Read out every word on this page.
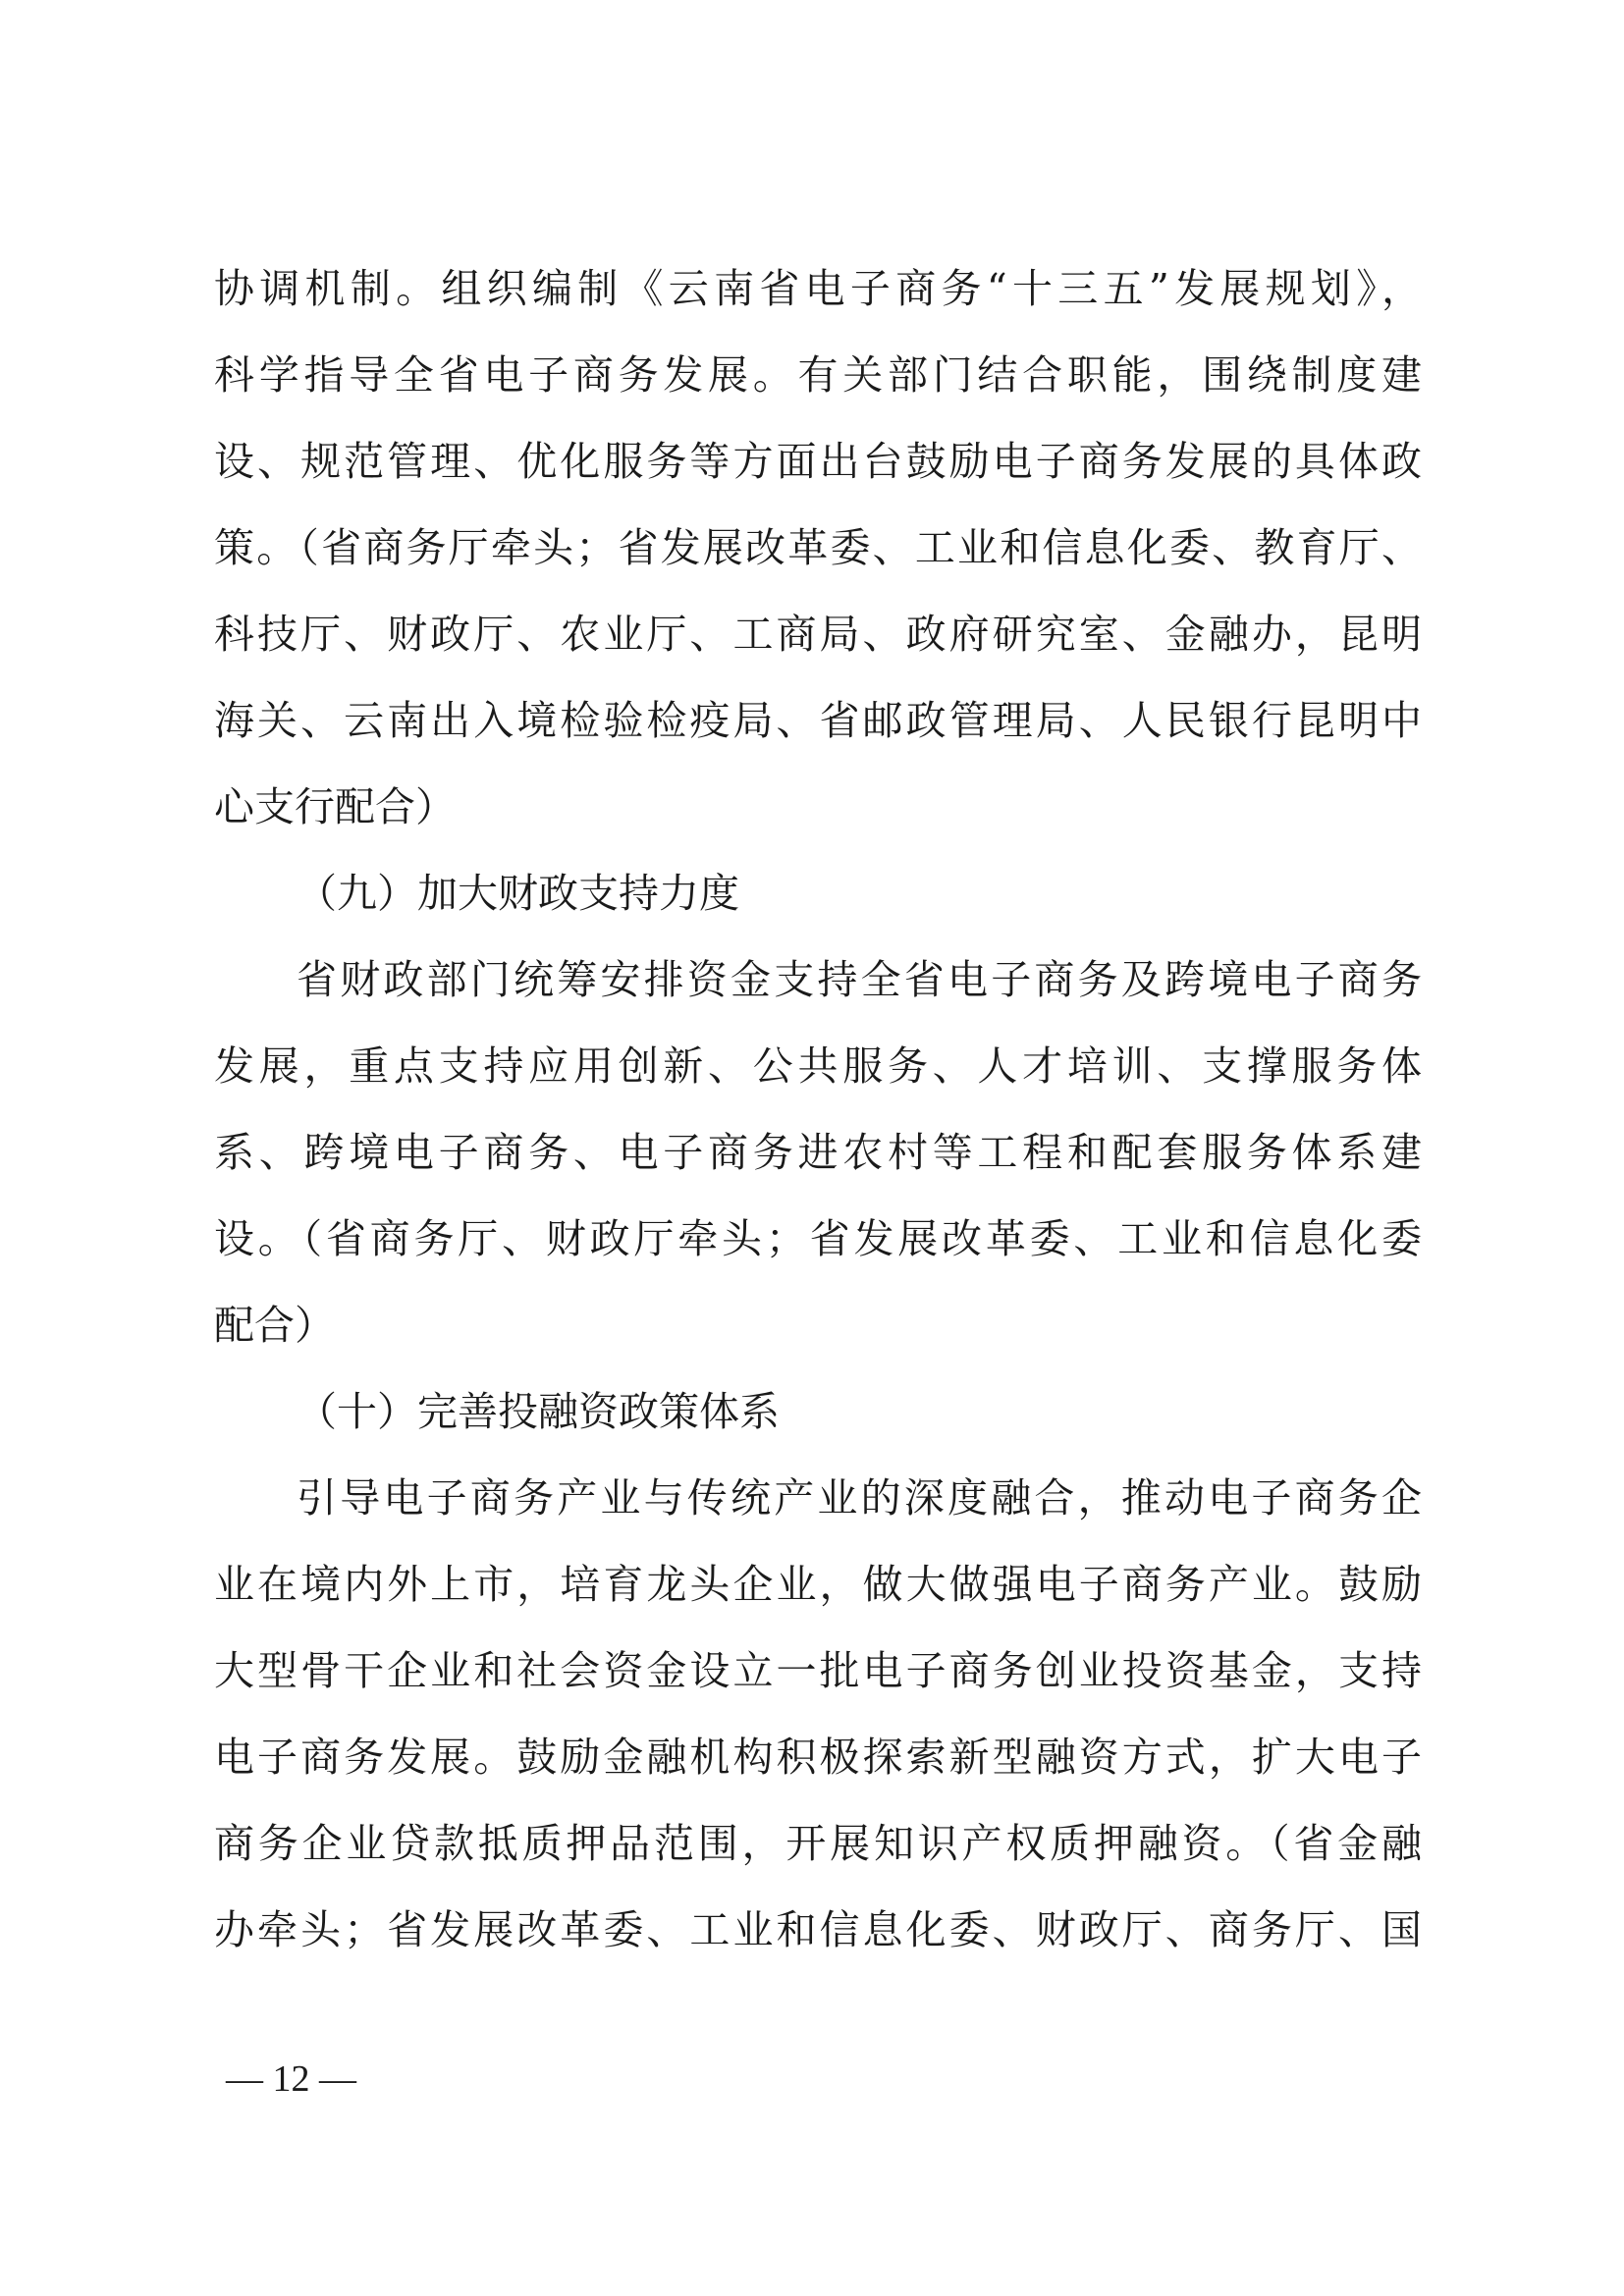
协调机制。组织编制《云南省电子商务“十三五”发展规划》，
科学指导全省电子商务发展。有关部门结合职能，围绕制度建
设、规范管理、优化服务等方面出台鼓励电子商务发展的具体政
策。（省商务厅牵头；省发展改革委、工业和信息化委、教育厅、
科技厅、财政厅、农业厅、工商局、政府研究室、金融办，昆明
海关、云南出入境检验检疫局、省邮政管理局、人民银行昆明中
心支行配合）
（九）加大财政支持力度
省财政部门统筹安排资金支持全省电子商务及跨境电子商务
发展，重点支持应用创新、公共服务、人才培训、支撑服务体
系、跨境电子商务、电子商务进农村等工程和配套服务体系建
设。（省商务厅、财政厅牵头；省发展改革委、工业和信息化委
配合）
（十）完善投融资政策体系
引导电子商务产业与传统产业的深度融合，推动电子商务企
业在境内外上市，培育龙头企业，做大做强电子商务产业。鼓励
大型骨干企业和社会资金设立一批电子商务创业投资基金，支持
电子商务发展。鼓励金融机构积极探索新型融资方式，扩大电子
商务企业贷款抵质押品范围，开展知识产权质押融资。（省金融
办牵头；省发展改革委、工业和信息化委、财政厅、商务厅、国
— 12 —
